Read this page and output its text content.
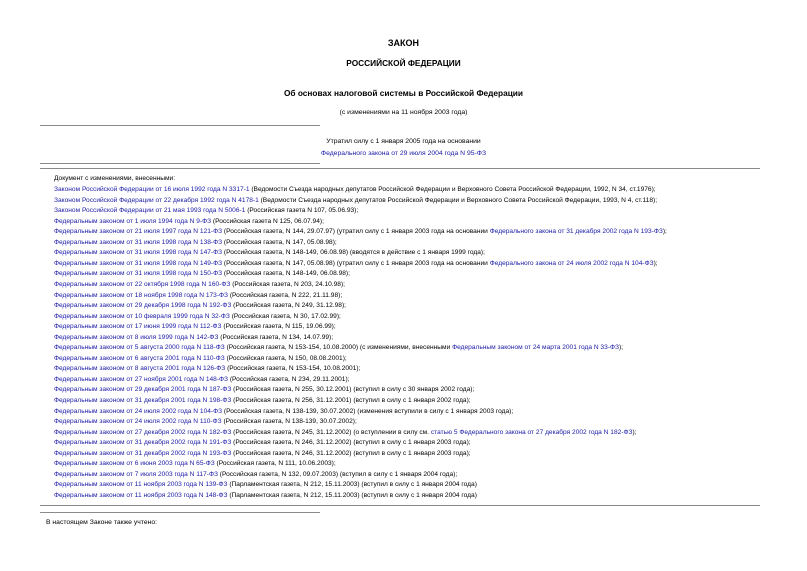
ЗАКОН
РОССИЙСКОЙ ФЕДЕРАЦИИ
Об основах налоговой системы в Российской Федерации
(с изменениями на 11 ноября 2003 года)
Утратил силу с 1 января 2005 года на основании
Федерального закона от 29 июля 2004 года N 95-ФЗ
Документ с изменениями, внесенными:
Законом Российской Федерации от 16 июля 1992 года N 3317-1 (Ведомости Съезда народных депутатов Российской Федерации и Верховного Совета Российской Федерации, 1992, N 34, ст.1976);
Законом Российской Федерации от 22 декабря 1992 года N 4178-1 (Ведомости Съезда народных депутатов Российской Федерации и Верховного Совета Российской Федерации, 1993, N 4, ст.118);
Законом Российской Федерации от 21 мая 1993 года N 5006-1 (Российская газета N 107, 05.06.93);
Федеральным законом от 1 июля 1994 года N 9-ФЗ (Российская газета N 125, 06.07.94);
Федеральным законом от 21 июля 1997 года N 121-ФЗ (Российская газета, N 144, 29.07.97) (утратил силу с 1 января 2003 года на основании Федерального закона от 31 декабря 2002 года N 193-ФЗ);
Федеральным законом от 31 июля 1998 года N 138-ФЗ (Российская газета, N 147, 05.08.98);
Федеральным законом от 31 июля 1998 года N 147-ФЗ (Российская газета, N 148-149, 06.08.98) (вводятся в действие с 1 января 1999 года);
Федеральным законом от 31 июля 1998 года N 149-ФЗ (Российская газета, N 147, 05.08.98) (утратил силу с 1 января 2003 года на основании Федерального закона от 24 июля 2002 года N 104-ФЗ);
Федеральным законом от 31 июля 1998 года N 150-ФЗ (Российская газета, N 148-149, 06.08.98);
Федеральным законом от 22 октября 1998 года N 160-ФЗ (Российская газета, N 203, 24.10.98);
Федеральным законом от 18 ноября 1998 года N 173-ФЗ (Российская газета, N 222, 21.11.98);
Федеральным законом от 29 декабря 1998 года N 192-ФЗ (Российская газета, N 249, 31.12.98);
Федеральным законом от 10 февраля 1999 года N 32-ФЗ (Российская газета, N 30, 17.02.99);
Федеральным законом от 17 июня 1999 года N 112-ФЗ (Российская газета, N 115, 19.06.99);
Федеральным законом от 8 июля 1999 года N 142-ФЗ (Российская газета, N 134, 14.07.99);
Федеральным законом от 5 августа 2000 года N 118-ФЗ (Российская газета, N 153-154, 10.08.2000) (с изменениями, внесенными Федеральным законом от 24 марта 2001 года N 33-ФЗ);
Федеральным законом от 6 августа 2001 года N 110-ФЗ (Российская газета, N 150, 08.08.2001);
Федеральным законом от 8 августа 2001 года N 126-ФЗ (Российская газета, N 153-154, 10.08.2001);
Федеральным законом от 27 ноября 2001 года N 148-ФЗ (Российская газета, N 234, 29.11.2001);
Федеральным законом от 29 декабря 2001 года N 187-ФЗ (Российская газета, N 255, 30.12.2001) (вступил в силу с 30 января 2002 года);
Федеральным законом от 31 декабря 2001 года N 198-ФЗ (Российская газета, N 256, 31.12.2001) (вступил в силу с 1 января 2002 года);
Федеральным законом от 24 июля 2002 года N 104-ФЗ (Российская газета, N 138-139, 30.07.2002) (изменения вступили в силу с 1 января 2003 года);
Федеральным законом от 24 июля 2002 года N 110-ФЗ (Российская газета, N 138-139, 30.07.2002);
Федеральным законом от 27 декабря 2002 года N 182-ФЗ (Российская газета, N 245, 31.12.2002) (о вступлении в силу см. статью 5 Федерального закона от 27 декабря 2002 года N 182-ФЗ);
Федеральным законом от 31 декабря 2002 года N 191-ФЗ (Российская газета, N 246, 31.12.2002) (вступил в силу с 1 января 2003 года);
Федеральным законом от 31 декабря 2002 года N 193-ФЗ (Российская газета, N 246, 31.12.2002) (вступил в силу с 1 января 2003 года);
Федеральным законом от 6 июня 2003 года N 65-ФЗ (Российская газета, N 111, 10.06.2003);
Федеральным законом от 7 июля 2003 года N 117-ФЗ (Российская газета, N 132, 09.07.2003) (вступил в силу с 1 января 2004 года);
Федеральным законом от 11 ноября 2003 года N 139-ФЗ (Парламентская газета, N 212, 15.11.2003) (вступил в силу с 1 января 2004 года)
Федеральным законом от 11 ноября 2003 года N 148-ФЗ (Парламентская газета, N 212, 15.11.2003) (вступил в силу с 1 января 2004 года)
В настоящем Законе также учтено:
